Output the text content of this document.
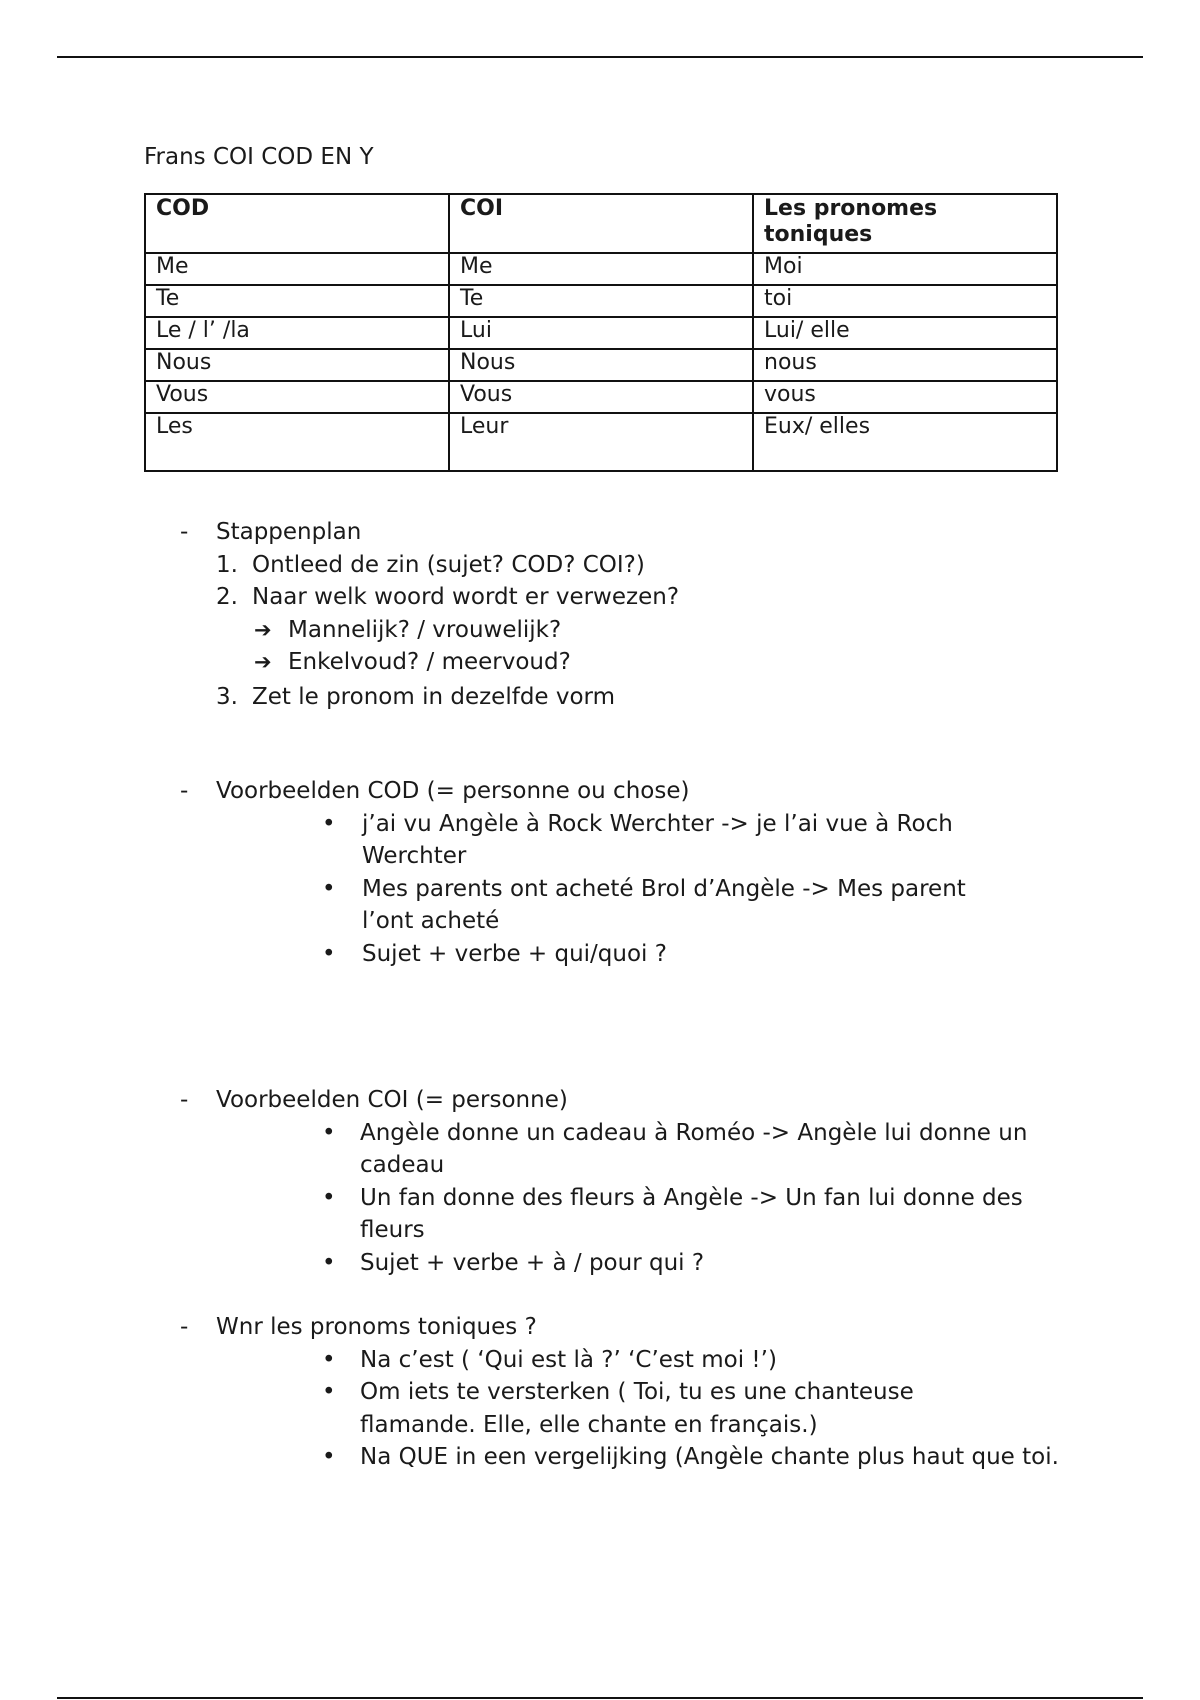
Frans COI COD EN Y
COD	COI	Les pronomes toniques
Me	Me	Moi
Te	Te	toi
Le / l’ /la	Lui	Lui/ elle
Nous	Nous	nous
Vous	Vous	vous
Les	Leur	Eux/ elles
- Stappenplan
1. Ontleed de zin (sujet? COD? COI?)
2. Naar welk woord wordt er verwezen?
➔ Mannelijk? / vrouwelijk?
➔ Enkelvoud? / meervoud?
3. Zet le pronom in dezelfde vorm
- Voorbeelden COD (= personne ou chose)
• j’ai vu Angèle à Rock Werchter -> je l’ai vue à Roch Werchter
• Mes parents ont acheté Brol d’Angèle -> Mes parent l’ont acheté
• Sujet + verbe + qui/quoi ?
- Voorbeelden COI (= personne)
• Angèle donne un cadeau à Roméo -> Angèle lui donne un cadeau
• Un fan donne des fleurs à Angèle -> Un fan lui donne des fleurs
• Sujet + verbe + à / pour qui ?
- Wnr les pronoms toniques ?
• Na c’est ( ‘Qui est là ?’ ‘C’est moi !’)
• Om iets te versterken ( Toi, tu es une chanteuse flamande. Elle, elle chante en français.)
• Na QUE in een vergelijking (Angèle chante plus haut que toi.
